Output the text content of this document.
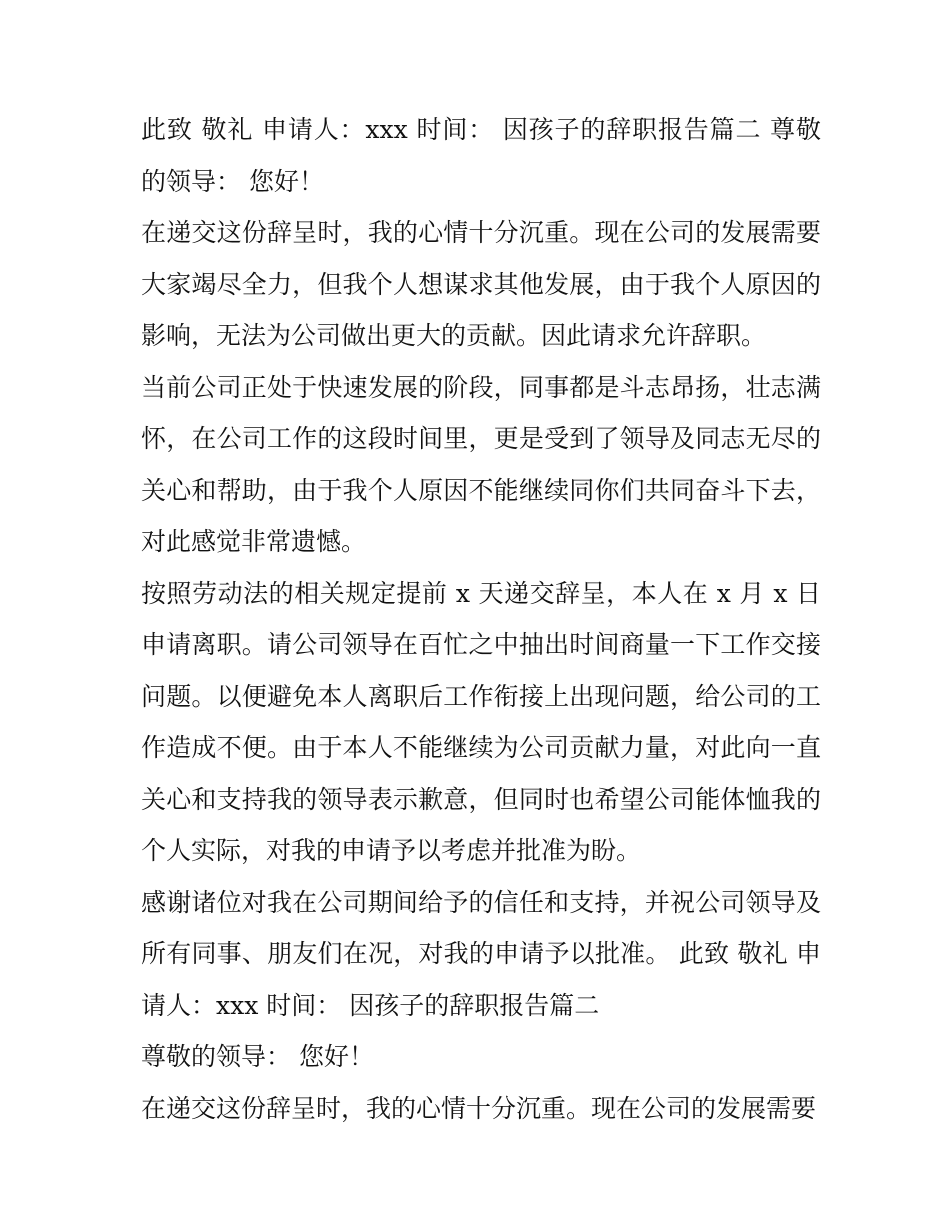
此致 敬礼 申请人：xxx 时间： 因孩子的辞职报告篇二 尊敬的领导： 您好！

在递交这份辞呈时，我的心情十分沉重。现在公司的发展需要大家竭尽全力，但我个人想谋求其他发展，由于我个人原因的影响，无法为公司做出更大的贡献。因此请求允许辞职。

当前公司正处于快速发展的阶段，同事都是斗志昂扬，壮志满怀，在公司工作的这段时间里，更是受到了领导及同志无尽的关心和帮助，由于我个人原因不能继续同你们共同奋斗下去，对此感觉非常遗憾。

按照劳动法的相关规定提前 x 天递交辞呈，本人在 x 月 x 日申请离职。请公司领导在百忙之中抽出时间商量一下工作交接问题。以便避免本人离职后工作衔接上出现问题，给公司的工作造成不便。由于本人不能继续为公司贡献力量，对此向一直关心和支持我的领导表示歉意，但同时也希望公司能体恤我的个人实际，对我的申请予以考虑并批准为盼。

感谢诸位对我在公司期间给予的信任和支持，并祝公司领导及所有同事、朋友们在况，对我的申请予以批准。 此致 敬礼 申请人：xxx 时间： 因孩子的辞职报告篇二

尊敬的领导： 您好！

在递交这份辞呈时，我的心情十分沉重。现在公司的发展需要
